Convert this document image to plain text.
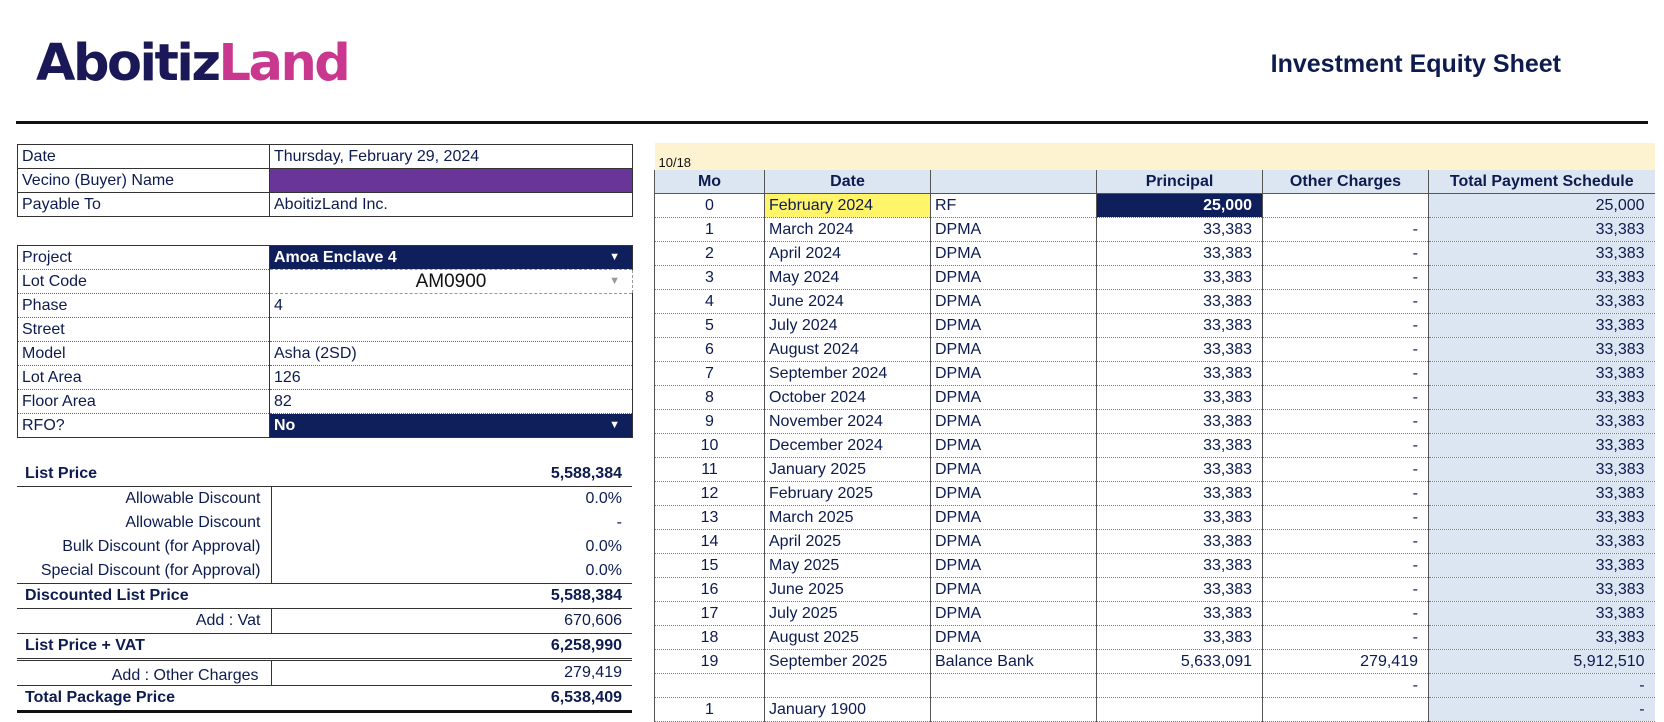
AboitizLand	Investment Equity Sheet
Date	Thursday, February 29, 2024
Vecino (Buyer) Name	
Payable To	AboitizLand Inc.
Project	Amoa Enclave 4 ▼

Lot Code	AM0900 ▼

Phase	4
Street	
Model	Asha (2SD)
Lot Area	126
Floor Area	82
RFO?	No ▼
List Price	5,588,384
Allowable Discount	0.0%
Allowable Discount	-
Bulk Discount (for Approval)	0.0%
Special Discount (for Approval)	0.0%
Discounted List Price	5,588,384
Add : Vat	670,606
List Price + VAT	6,258,990
Add : Other Charges	279,419
Total Package Price	6,538,409
10/18					
Mo	Date		Principal	Other Charges	Total Payment Schedule
0	February 2024	RF	25,000		25,000
1	March 2024	DPMA	33,383	-	33,383
2	April 2024	DPMA	33,383	-	33,383
3	May 2024	DPMA	33,383	-	33,383
4	June 2024	DPMA	33,383	-	33,383
5	July 2024	DPMA	33,383	-	33,383
6	August 2024	DPMA	33,383	-	33,383
7	September 2024	DPMA	33,383	-	33,383
8	October 2024	DPMA	33,383	-	33,383
9	November 2024	DPMA	33,383	-	33,383
10	December 2024	DPMA	33,383	-	33,383
11	January 2025	DPMA	33,383	-	33,383
12	February 2025	DPMA	33,383	-	33,383
13	March 2025	DPMA	33,383	-	33,383
14	April 2025	DPMA	33,383	-	33,383
15	May 2025	DPMA	33,383	-	33,383
16	June 2025	DPMA	33,383	-	33,383
17	July 2025	DPMA	33,383	-	33,383
18	August 2025	DPMA	33,383	-	33,383
19	September 2025	Balance Bank	5,633,091	279,419	5,912,510
				-	-
1	January 1900				-
